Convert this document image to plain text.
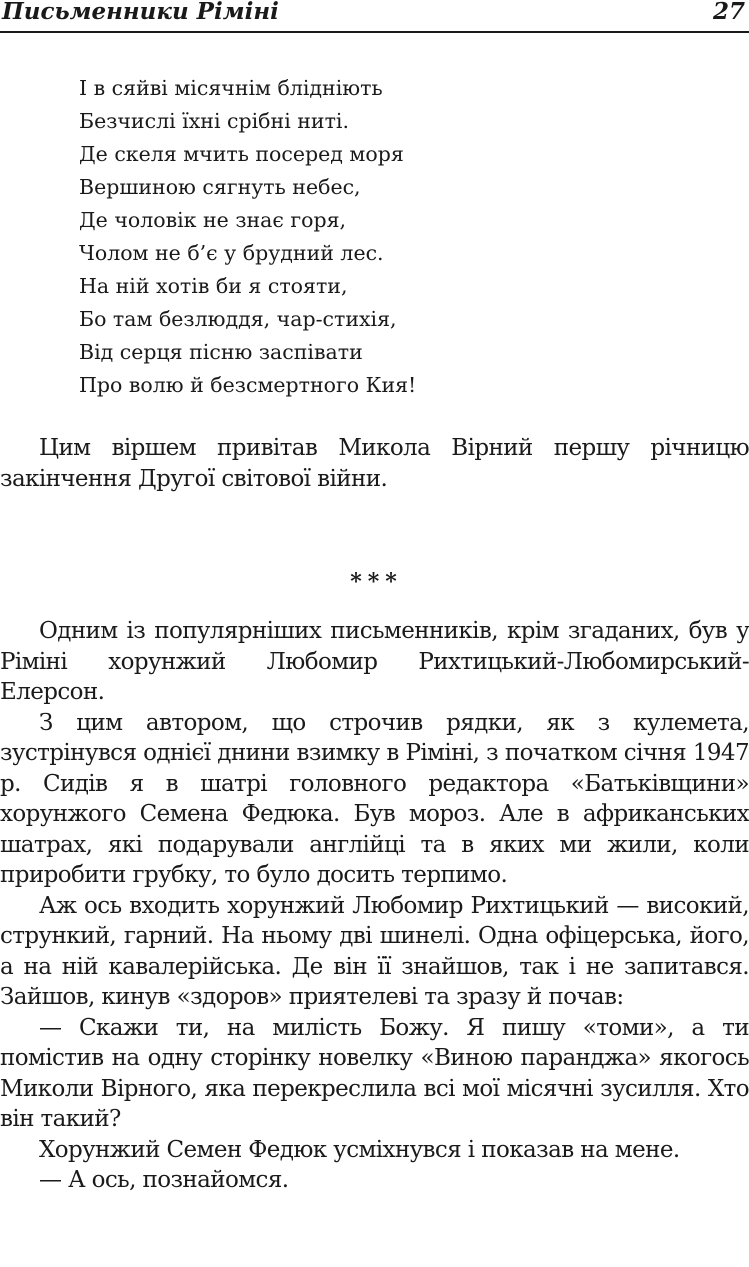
Письменники Ріміні	27
І в сяйві місячнім бліднiють
Безчислі їхні срібні ниті.
Де скеля мчить посеред моря
Вершиною сягнуть небес,
Де чоловік не знає горя,
Чолом не б’є у брудний лес.
На ній хотів би я стояти,
Бо там безлюддя, чар-стихія,
Від серця пісню заспівати
Про волю й безсмертного Кия!

Цим віршем привітав Микола Вірний першу річницю закінчення Другої світової війни.

***

Одним із популярніших письменників, крім згаданих, був у Ріміні хорунжий Любомир Рихтицький-Любомирський-Елерсон.

З цим автором, що строчив рядки, як з кулемета, зустрінувся однієї днини взимку в Ріміні, з початком січня 1947 р. Сидів я в шатрі головного редактора «Батьківщини» хорунжого Семена Федюка. Був мороз. Але в африканських шатрах, які подарували англійці та в яких ми жили, коли приробити грубку, то було досить терпимо.

Аж ось входить хорунжий Любомир Рихтицький — високий, стрункий, гарний. На ньому дві шинелі. Одна офіцерська, його, а на ній кавалерійська. Де він її знайшов, так і не запитався. Зайшов, кинув «здоров» приятелеві та зразу й почав:

— Скажи ти, на милість Божу. Я пишу «томи», а ти помістив на одну сторінку новелку «Виною паранджа» якогось Миколи Вірного, яка перекреслила всі мої місячні зусилля. Хто він такий?

Хорунжий Семен Федюк усміхнувся і показав на мене.

— А ось, познайомся.
